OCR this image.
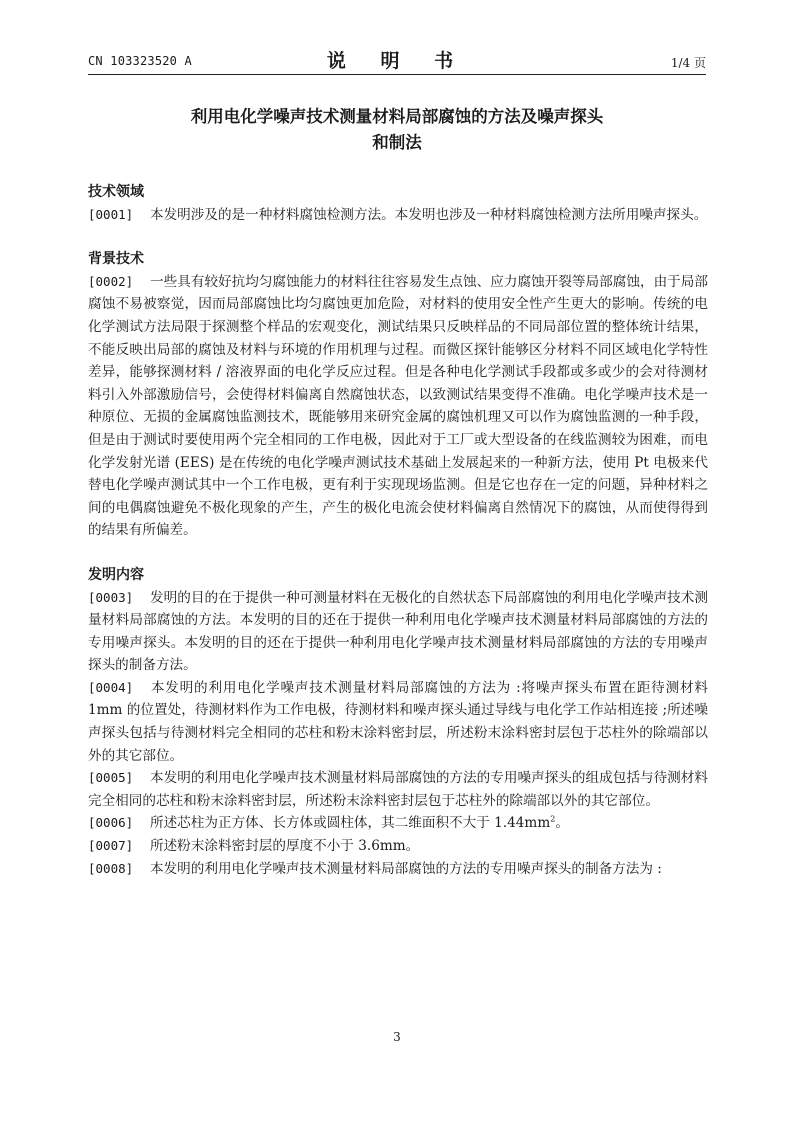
CN 103323520 A	说 明 书	1/4 页
利用电化学噪声技术测量材料局部腐蚀的方法及噪声探头
和制法

技术领域

[0001] 本发明涉及的是一种材料腐蚀检测方法。本发明也涉及一种材料腐蚀检测方法所用噪声探头。

背景技术

[0002] 一些具有较好抗均匀腐蚀能力的材料往往容易发生点蚀、应力腐蚀开裂等局部腐蚀，由于局部腐蚀不易被察觉，因而局部腐蚀比均匀腐蚀更加危险，对材料的使用安全性产生更大的影响。传统的电化学测试方法局限于探测整个样品的宏观变化，测试结果只反映样品的不同局部位置的整体统计结果，不能反映出局部的腐蚀及材料与环境的作用机理与过程。而微区探针能够区分材料不同区域电化学特性差异，能够探测材料 / 溶液界面的电化学反应过程。但是各种电化学测试手段都或多或少的会对待测材料引入外部激励信号，会使得材料偏离自然腐蚀状态，以致测试结果变得不准确。电化学噪声技术是一种原位、无损的金属腐蚀监测技术，既能够用来研究金属的腐蚀机理又可以作为腐蚀监测的一种手段，但是由于测试时要使用两个完全相同的工作电极，因此对于工厂或大型设备的在线监测较为困难，而电化学发射光谱 (EES) 是在传统的电化学噪声测试技术基础上发展起来的一种新方法，使用 Pt 电极来代替电化学噪声测试其中一个工作电极，更有利于实现现场监测。但是它也存在一定的问题，异种材料之间的电偶腐蚀避免不极化现象的产生，产生的极化电流会使材料偏离自然情况下的腐蚀，从而使得得到的结果有所偏差。

发明内容

[0003] 发明的目的在于提供一种可测量材料在无极化的自然状态下局部腐蚀的利用电化学噪声技术测量材料局部腐蚀的方法。本发明的目的还在于提供一种利用电化学噪声技术测量材料局部腐蚀的方法的专用噪声探头。本发明的目的还在于提供一种利用电化学噪声技术测量材料局部腐蚀的方法的专用噪声探头的制备方法。

[0004] 本发明的利用电化学噪声技术测量材料局部腐蚀的方法为 :将噪声探头布置在距待测材料 1mm 的位置处，待测材料作为工作电极，待测材料和噪声探头通过导线与电化学工作站相连接 ;所述噪声探头包括与待测材料完全相同的芯柱和粉末涂料密封层，所述粉末涂料密封层包于芯柱外的除端部以外的其它部位。

[0005] 本发明的利用电化学噪声技术测量材料局部腐蚀的方法的专用噪声探头的组成包括与待测材料完全相同的芯柱和粉末涂料密封层，所述粉末涂料密封层包于芯柱外的除端部以外的其它部位。

[0006] 所述芯柱为正方体、长方体或圆柱体，其二维面积不大于 $1.44mm^2$。

[0007] 所述粉末涂料密封层的厚度不小于 3.6mm。

[0008] 本发明的利用电化学噪声技术测量材料局部腐蚀的方法的专用噪声探头的制备方法为 :

3
